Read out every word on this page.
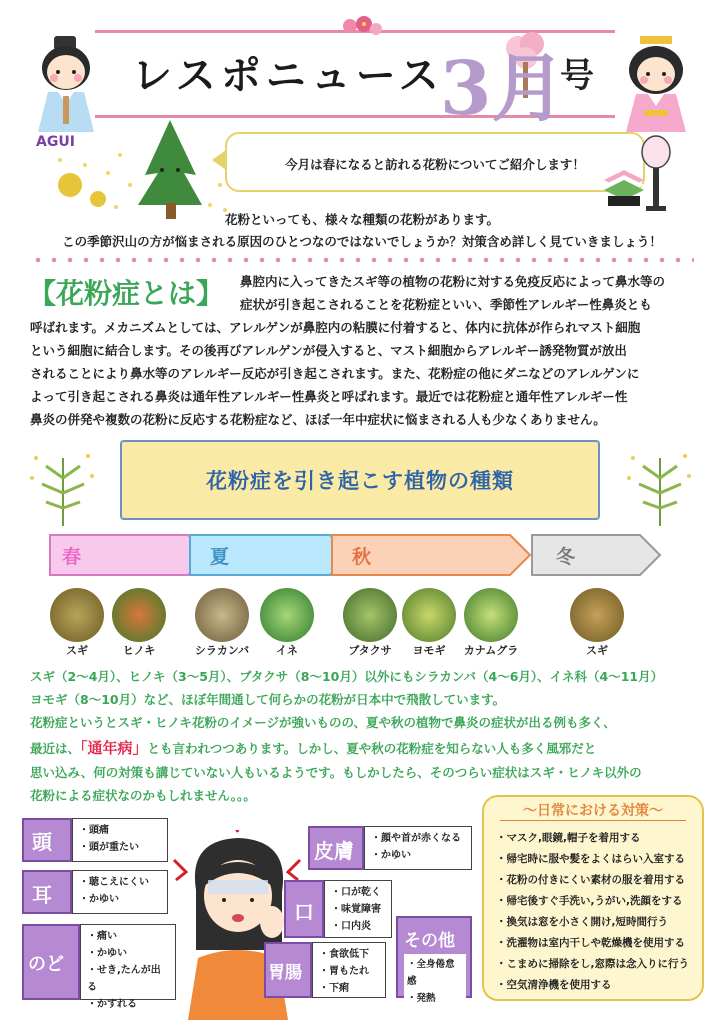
レスポニュース
3月
号
AGUI
今月は春になると訪れる花粉についてご紹介します！
花粉といっても、様々な種類の花粉があります。
この季節沢山の方が悩まされる原因のひとつなのではないでしょうか？対策含め詳しく見ていきましょう！
【花粉症とは】 鼻腔内に入ってきたスギ等の植物の花粉に対する免疫反応によって鼻水等の
症状が引き起こされることを花粉症といい、季節性アレルギー性鼻炎とも
呼ばれます。メカニズムとしては、アレルゲンが鼻腔内の粘膜に付着すると、体内に抗体が作られマスト細胞
という細胞に結合します。その後再びアレルゲンが侵入すると、マスト細胞からアレルギー誘発物質が放出
されることにより鼻水等のアレルギー反応が引き起こされます。また、花粉症の他にダニなどのアレルゲンに
よって引き起こされる鼻炎は通年性アレルギー性鼻炎と呼ばれます。最近では花粉症と通年性アレルギー性
鼻炎の併発や複数の花粉に反応する花粉症など、ほぼ一年中症状に悩まされる人も少なくありません。
花粉症を引き起こす植物の種類
春	夏	秋	冬
スギ	ヒノキ	シラカンバ	イネ	ブタクサ	ヨモギ	カナムグラ	スギ
スギ（2～4月）、ヒノキ（3～5月）、ブタクサ（8～10月）以外にもシラカンバ（4～6月）、イネ科（4～11月）
ヨモギ（8～10月）など、ほぼ年間通して何らかの花粉が日本中で飛散しています。
花粉症というとスギ・ヒノキ花粉のイメージが強いものの、夏や秋の植物で鼻炎の症状が出る例も多く、
最近は、「通年病」とも言われつつあります。しかし、夏や秋の花粉症を知らない人も多く風邪だと
思い込み、何の対策も講じていない人もいるようです。もしかしたら、そのつらい症状はスギ・ヒノキ以外の
花粉による症状なのかもしれません。。。
～日常における対策～
・マスク,眼鏡,帽子を着用する
・帰宅時に服や髪をよくはらい入室する
・花粉の付きにくい素材の服を着用する
・帰宅後すぐ手洗い,うがい,洗顔をする
・換気は窓を小さく開け,短時間行う
・洗濯物は室内干しや乾燥機を使用する
・こまめに掃除をし,窓際は念入りに行う
・空気清浄機を使用する
頭	・頭痛
・頭が重たい
耳
・聴こえにくい
・かゆい
のど
・痛い
・かゆい
・せき,たんが出る
・かすれる
皮膚
・顔や首が赤くなる
・かゆい
口
・口が乾く
・味覚障害
・口内炎
胃腸
・食欲低下
・胃もたれ
・下痢
その他
・全身倦怠感
・発熱
